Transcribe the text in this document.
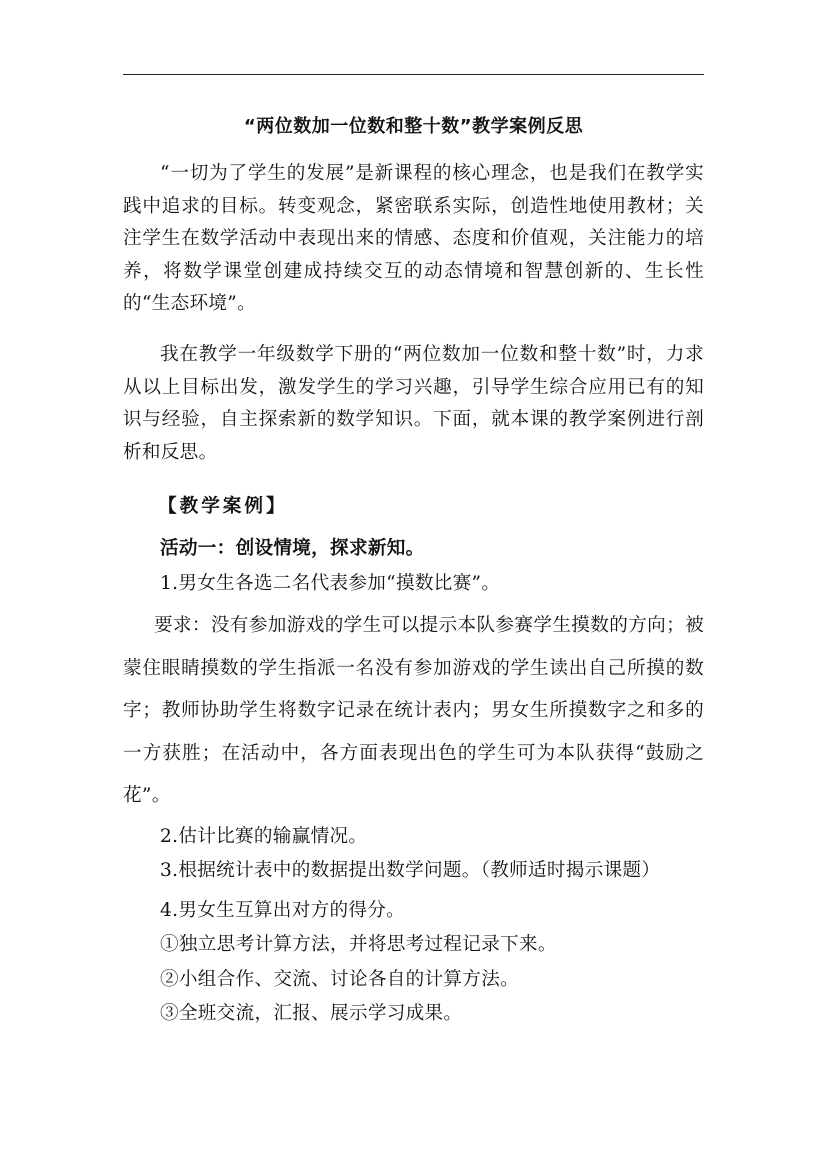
“两位数加一位数和整十数”教学案例反思
“一切为了学生的发展”是新课程的核心理念，也是我们在教学实践中追求的目标。转变观念，紧密联系实际，创造性地使用教材；关注学生在数学活动中表现出来的情感、态度和价值观，关注能力的培养，将数学课堂创建成持续交互的动态情境和智慧创新的、生长性的“生态环境”。
我在教学一年级数学下册的“两位数加一位数和整十数”时，力求从以上目标出发，激发学生的学习兴趣，引导学生综合应用已有的知识与经验，自主探索新的数学知识。下面，就本课的教学案例进行剖析和反思。
【教学案例】
活动一：创设情境，探求新知。
1.男女生各选二名代表参加“摸数比赛”。
要求：没有参加游戏的学生可以提示本队参赛学生摸数的方向；被蒙住眼睛摸数的学生指派一名没有参加游戏的学生读出自己所摸的数字；教师协助学生将数字记录在统计表内；男女生所摸数字之和多的一方获胜；在活动中，各方面表现出色的学生可为本队获得“鼓励之花”。
2.估计比赛的输赢情况。
3.根据统计表中的数据提出数学问题。（教师适时揭示课题）
4.男女生互算出对方的得分。
①独立思考计算方法，并将思考过程记录下来。
②小组合作、交流、讨论各自的计算方法。
③全班交流，汇报、展示学习成果。
